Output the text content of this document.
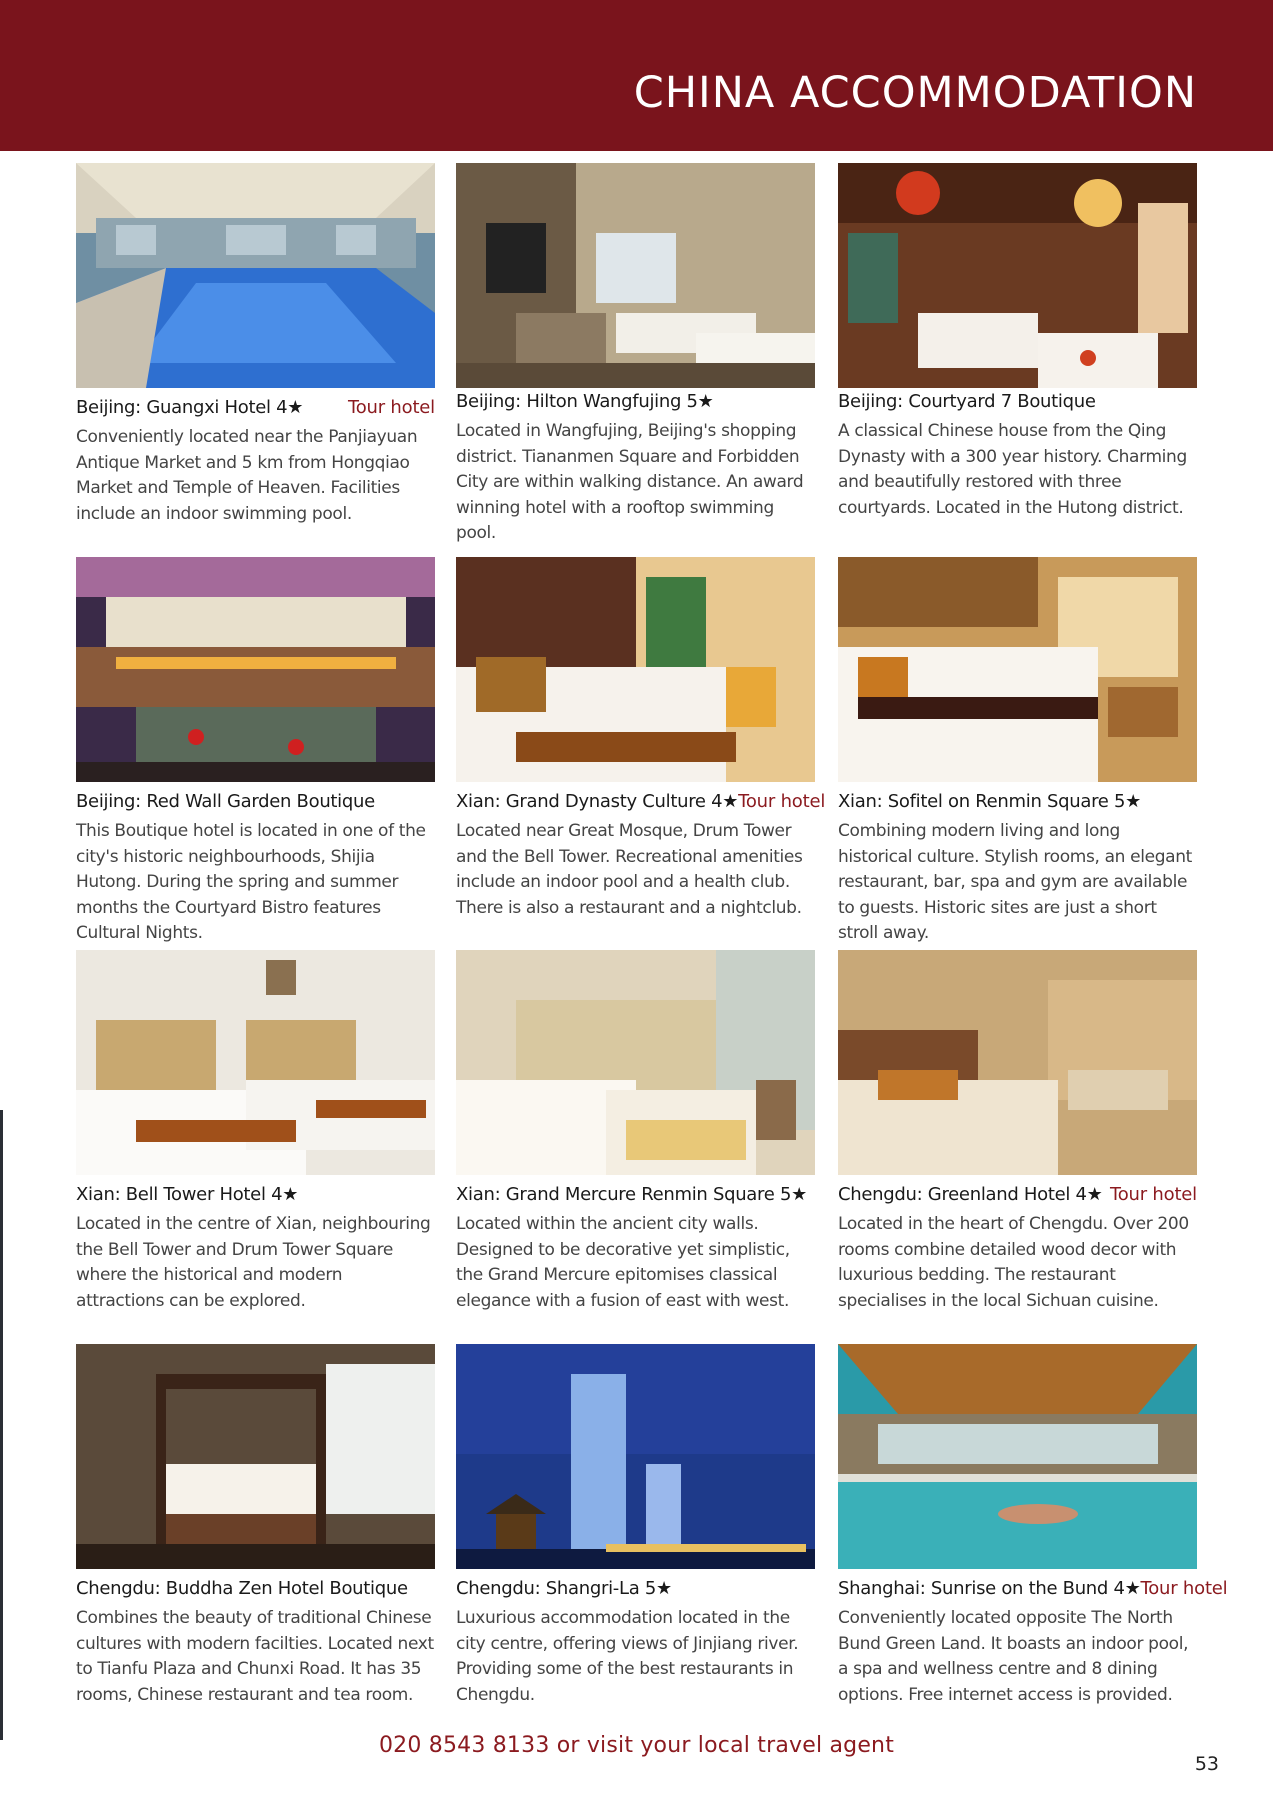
CHINA ACCOMMODATION
Beijing: Guangxi Hotel 4★ Tour hotel

Conveniently located near the Panjiayuan Antique Market and 5 km from Hongqiao Market and Temple of Heaven. Facilities include an indoor swimming pool.

Beijing: Hilton Wangfujing 5★

Located in Wangfujing, Beijing's shopping district. Tiananmen Square and Forbidden City are within walking distance. An award winning hotel with a rooftop swimming pool.

Beijing: Courtyard 7 Boutique

A classical Chinese house from the Qing Dynasty with a 300 year history. Charming and beautifully restored with three courtyards. Located in the Hutong district.

Beijing: Red Wall Garden Boutique

This Boutique hotel is located in one of the city's historic neighbourhoods, Shijia Hutong. During the spring and summer months the Courtyard Bistro features Cultural Nights.

Xian: Grand Dynasty Culture 4★ Tour hotel

Located near Great Mosque, Drum Tower and the Bell Tower. Recreational amenities include an indoor pool and a health club. There is also a restaurant and a nightclub.

Xian: Sofitel on Renmin Square 5★

Combining modern living and long historical culture. Stylish rooms, an elegant restaurant, bar, spa and gym are available to guests. Historic sites are just a short stroll away.

Xian: Bell Tower Hotel 4★

Located in the centre of Xian, neighbouring the Bell Tower and Drum Tower Square where the historical and modern attractions can be explored.

Xian: Grand Mercure Renmin Square 5★

Located within the ancient city walls. Designed to be decorative yet simplistic, the Grand Mercure epitomises classical elegance with a fusion of east with west.

Chengdu: Greenland Hotel 4★ Tour hotel

Located in the heart of Chengdu. Over 200 rooms combine detailed wood decor with luxurious bedding. The restaurant specialises in the local Sichuan cuisine.

Chengdu: Buddha Zen Hotel Boutique

Combines the beauty of traditional Chinese cultures with modern facilties. Located next to Tianfu Plaza and Chunxi Road. It has 35 rooms, Chinese restaurant and tea room.

Chengdu: Shangri-La 5★

Luxurious accommodation located in the city centre, offering views of Jinjiang river. Providing some of the best restaurants in Chengdu.

Shanghai: Sunrise on the Bund 4★ Tour hotel

Conveniently located opposite The North Bund Green Land. It boasts an indoor pool, a spa and wellness centre and 8 dining options. Free internet access is provided.

020 8543 8133 or visit your local travel agent
53
